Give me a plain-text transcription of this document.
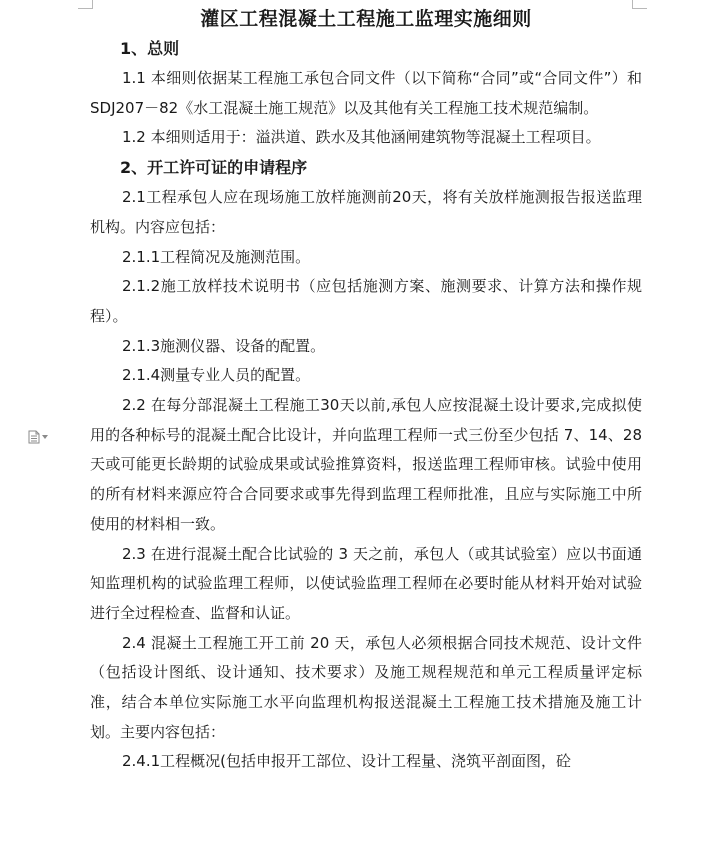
灌区工程混凝土工程施工监理实施细则

1、总则

1.1 本细则依据某工程施工承包合同文件（以下简称“合同”或“合同文件”）和 SDJ207－82《水工混凝土施工规范》以及其他有关工程施工技术规范编制。

1.2 本细则适用于：溢洪道、跌水及其他涵闸建筑物等混凝土工程项目。

2、开工许可证的申请程序

2.1工程承包人应在现场施工放样施测前20天，将有关放样施测报告报送监理机构。内容应包括：

2.1.1工程简况及施测范围。

2.1.2施工放样技术说明书（应包括施测方案、施测要求、计算方法和操作规程）。

2.1.3施测仪器、设备的配置。

2.1.4测量专业人员的配置。

2.2 在每分部混凝土工程施工30天以前,承包人应按混凝土设计要求,完成拟使用的各种标号的混凝土配合比设计，并向监理工程师一式三份至少包括 7、14、28 天或可能更长龄期的试验成果或试验推算资料，报送监理工程师审核。试验中使用的所有材料来源应符合合同要求或事先得到监理工程师批准，且应与实际施工中所使用的材料相一致。

2.3 在进行混凝土配合比试验的 3 天之前，承包人（或其试验室）应以书面通知监理机构的试验监理工程师，以使试验监理工程师在必要时能从材料开始对试验进行全过程检查、监督和认证。

2.4 混凝土工程施工开工前 20 天，承包人必须根据合同技术规范、设计文件（包括设计图纸、设计通知、技术要求）及施工规程规范和单元工程质量评定标准，结合本单位实际施工水平向监理机构报送混凝土工程施工技术措施及施工计划。主要内容包括：

2.4.1工程概况(包括申报开工部位、设计工程量、浇筑平剖面图，砼
